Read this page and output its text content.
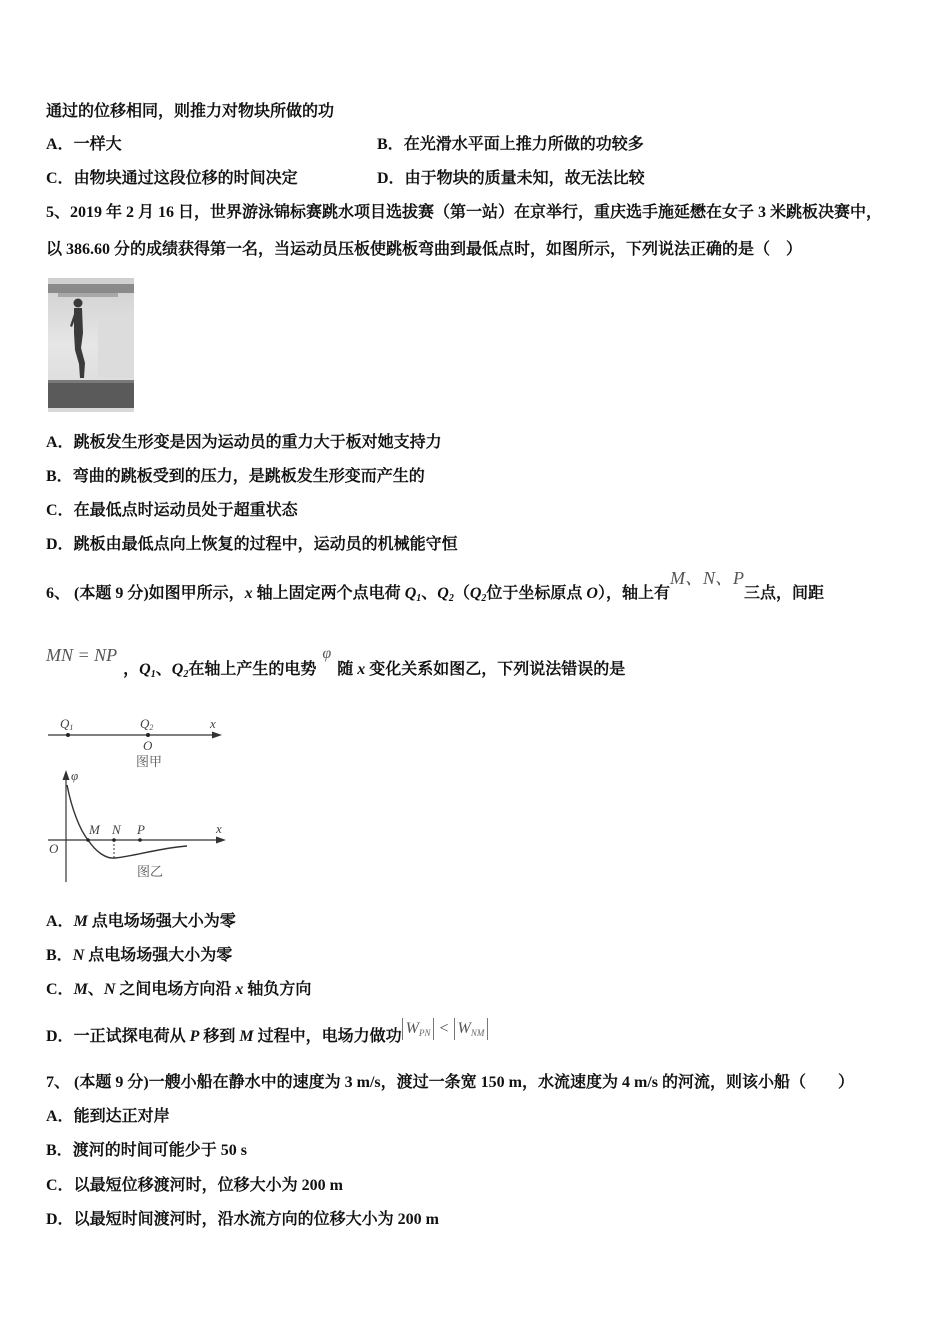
通过的位移相同，则推力对物块所做的功
A．一样大	B．在光滑水平面上推力所做的功较多
C．由物块通过这段位移的时间决定	D．由于物块的质量未知，故无法比较
5、2019 年 2 月 16 日，世界游泳锦标赛跳水项目选拔赛（第一站）在京举行，重庆选手施延懋在女子 3 米跳板决赛中，
以 386.60 分的成绩获得第一名，当运动员压板使跳板弯曲到最低点时，如图所示，下列说法正确的是（　）
A．跳板发生形变是因为运动员的重力大于板对她支持力
B．弯曲的跳板受到的压力，是跳板发生形变而产生的
C．在最低点时运动员处于超重状态
D．跳板由最低点向上恢复的过程中，运动员的机械能守恒
6、 (本题 9 分)如图甲所示，x 轴上固定两个点电荷 $Q_1$、$Q_2(Q_2$位于坐标原点 O），轴上有M、N、P三点，间距
MN = NP，$Q_1$、$Q_2$在轴上产生的电势φ随 x 变化关系如图乙，下列说法错误的是
Q1	Q2	x
O
图甲
φ
x
O
M N P
图乙
A．M 点电场场强大小为零
B．N 点电场场强大小为零
C．M、N 之间电场方向沿 x 轴负方向
D．一正试探电荷从 P 移到 M 过程中，电场力做功 $W_{PN} < W_{NM}$
7、 (本题 9 分)一艘小船在静水中的速度为 3 m/s，渡过一条宽 150 m，水流速度为 4 m/s 的河流，则该小船（　　）
A．能到达正对岸
B．渡河的时间可能少于 50 s
C．以最短位移渡河时，位移大小为 200 m
D．以最短时间渡河时，沿水流方向的位移大小为 200 m
